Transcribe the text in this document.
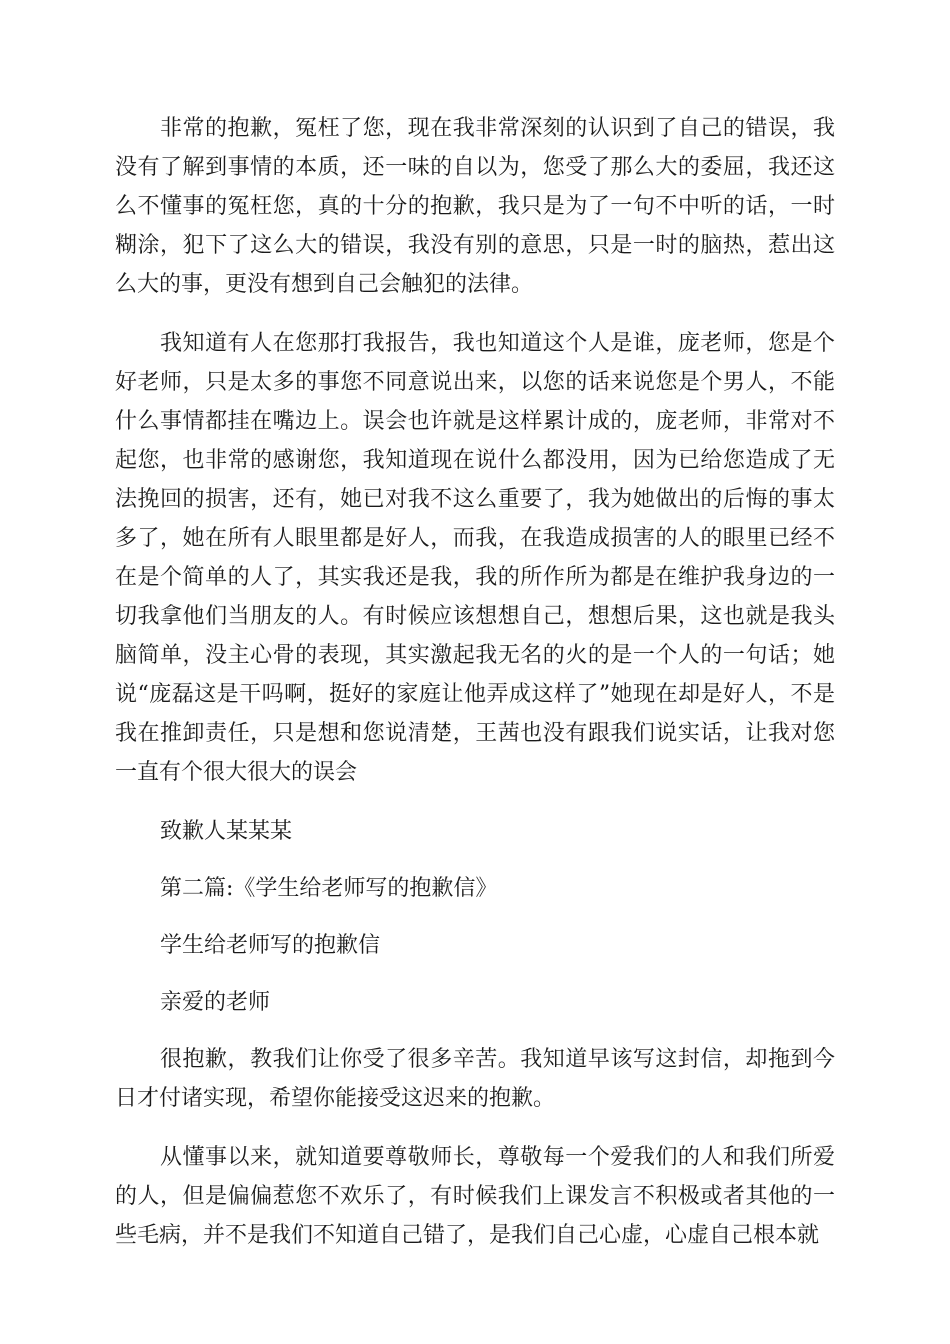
非常的抱歉，冤枉了您，现在我非常深刻的认识到了自己的错误，我没有了解到事情的本质，还一味的自以为，您受了那么大的委屈，我还这么不懂事的冤枉您，真的十分的抱歉，我只是为了一句不中听的话，一时糊涂，犯下了这么大的错误，我没有别的意思，只是一时的脑热，惹出这么大的事，更没有想到自己会触犯的法律。

我知道有人在您那打我报告，我也知道这个人是谁，庞老师，您是个好老师，只是太多的事您不同意说出来，以您的话来说您是个男人，不能什么事情都挂在嘴边上。误会也许就是这样累计成的，庞老师，非常对不起您，也非常的感谢您，我知道现在说什么都没用，因为已给您造成了无法挽回的损害，还有，她已对我不这么重要了，我为她做出的后悔的事太多了，她在所有人眼里都是好人，而我，在我造成损害的人的眼里已经不在是个简单的人了，其实我还是我，我的所作所为都是在维护我身边的一切我拿他们当朋友的人。有时候应该想想自己，想想后果，这也就是我头脑简单，没主心骨的表现，其实激起我无名的火的是一个人的一句话；她说“庞磊这是干吗啊，挺好的家庭让他弄成这样了”她现在却是好人，不是我在推卸责任，只是想和您说清楚，王茜也没有跟我们说实话，让我对您一直有个很大很大的误会

致歉人某某某

第二篇:《学生给老师写的抱歉信》

学生给老师写的抱歉信

亲爱的老师

很抱歉，教我们让你受了很多辛苦。我知道早该写这封信，却拖到今日才付诸实现，希望你能接受这迟来的抱歉。

从懂事以来，就知道要尊敬师长，尊敬每一个爱我们的人和我们所爱的人，但是偏偏惹您不欢乐了，有时候我们上课发言不积极或者其他的一些毛病，并不是我们不知道自己错了，是我们自己心虚，心虚自己根本就
